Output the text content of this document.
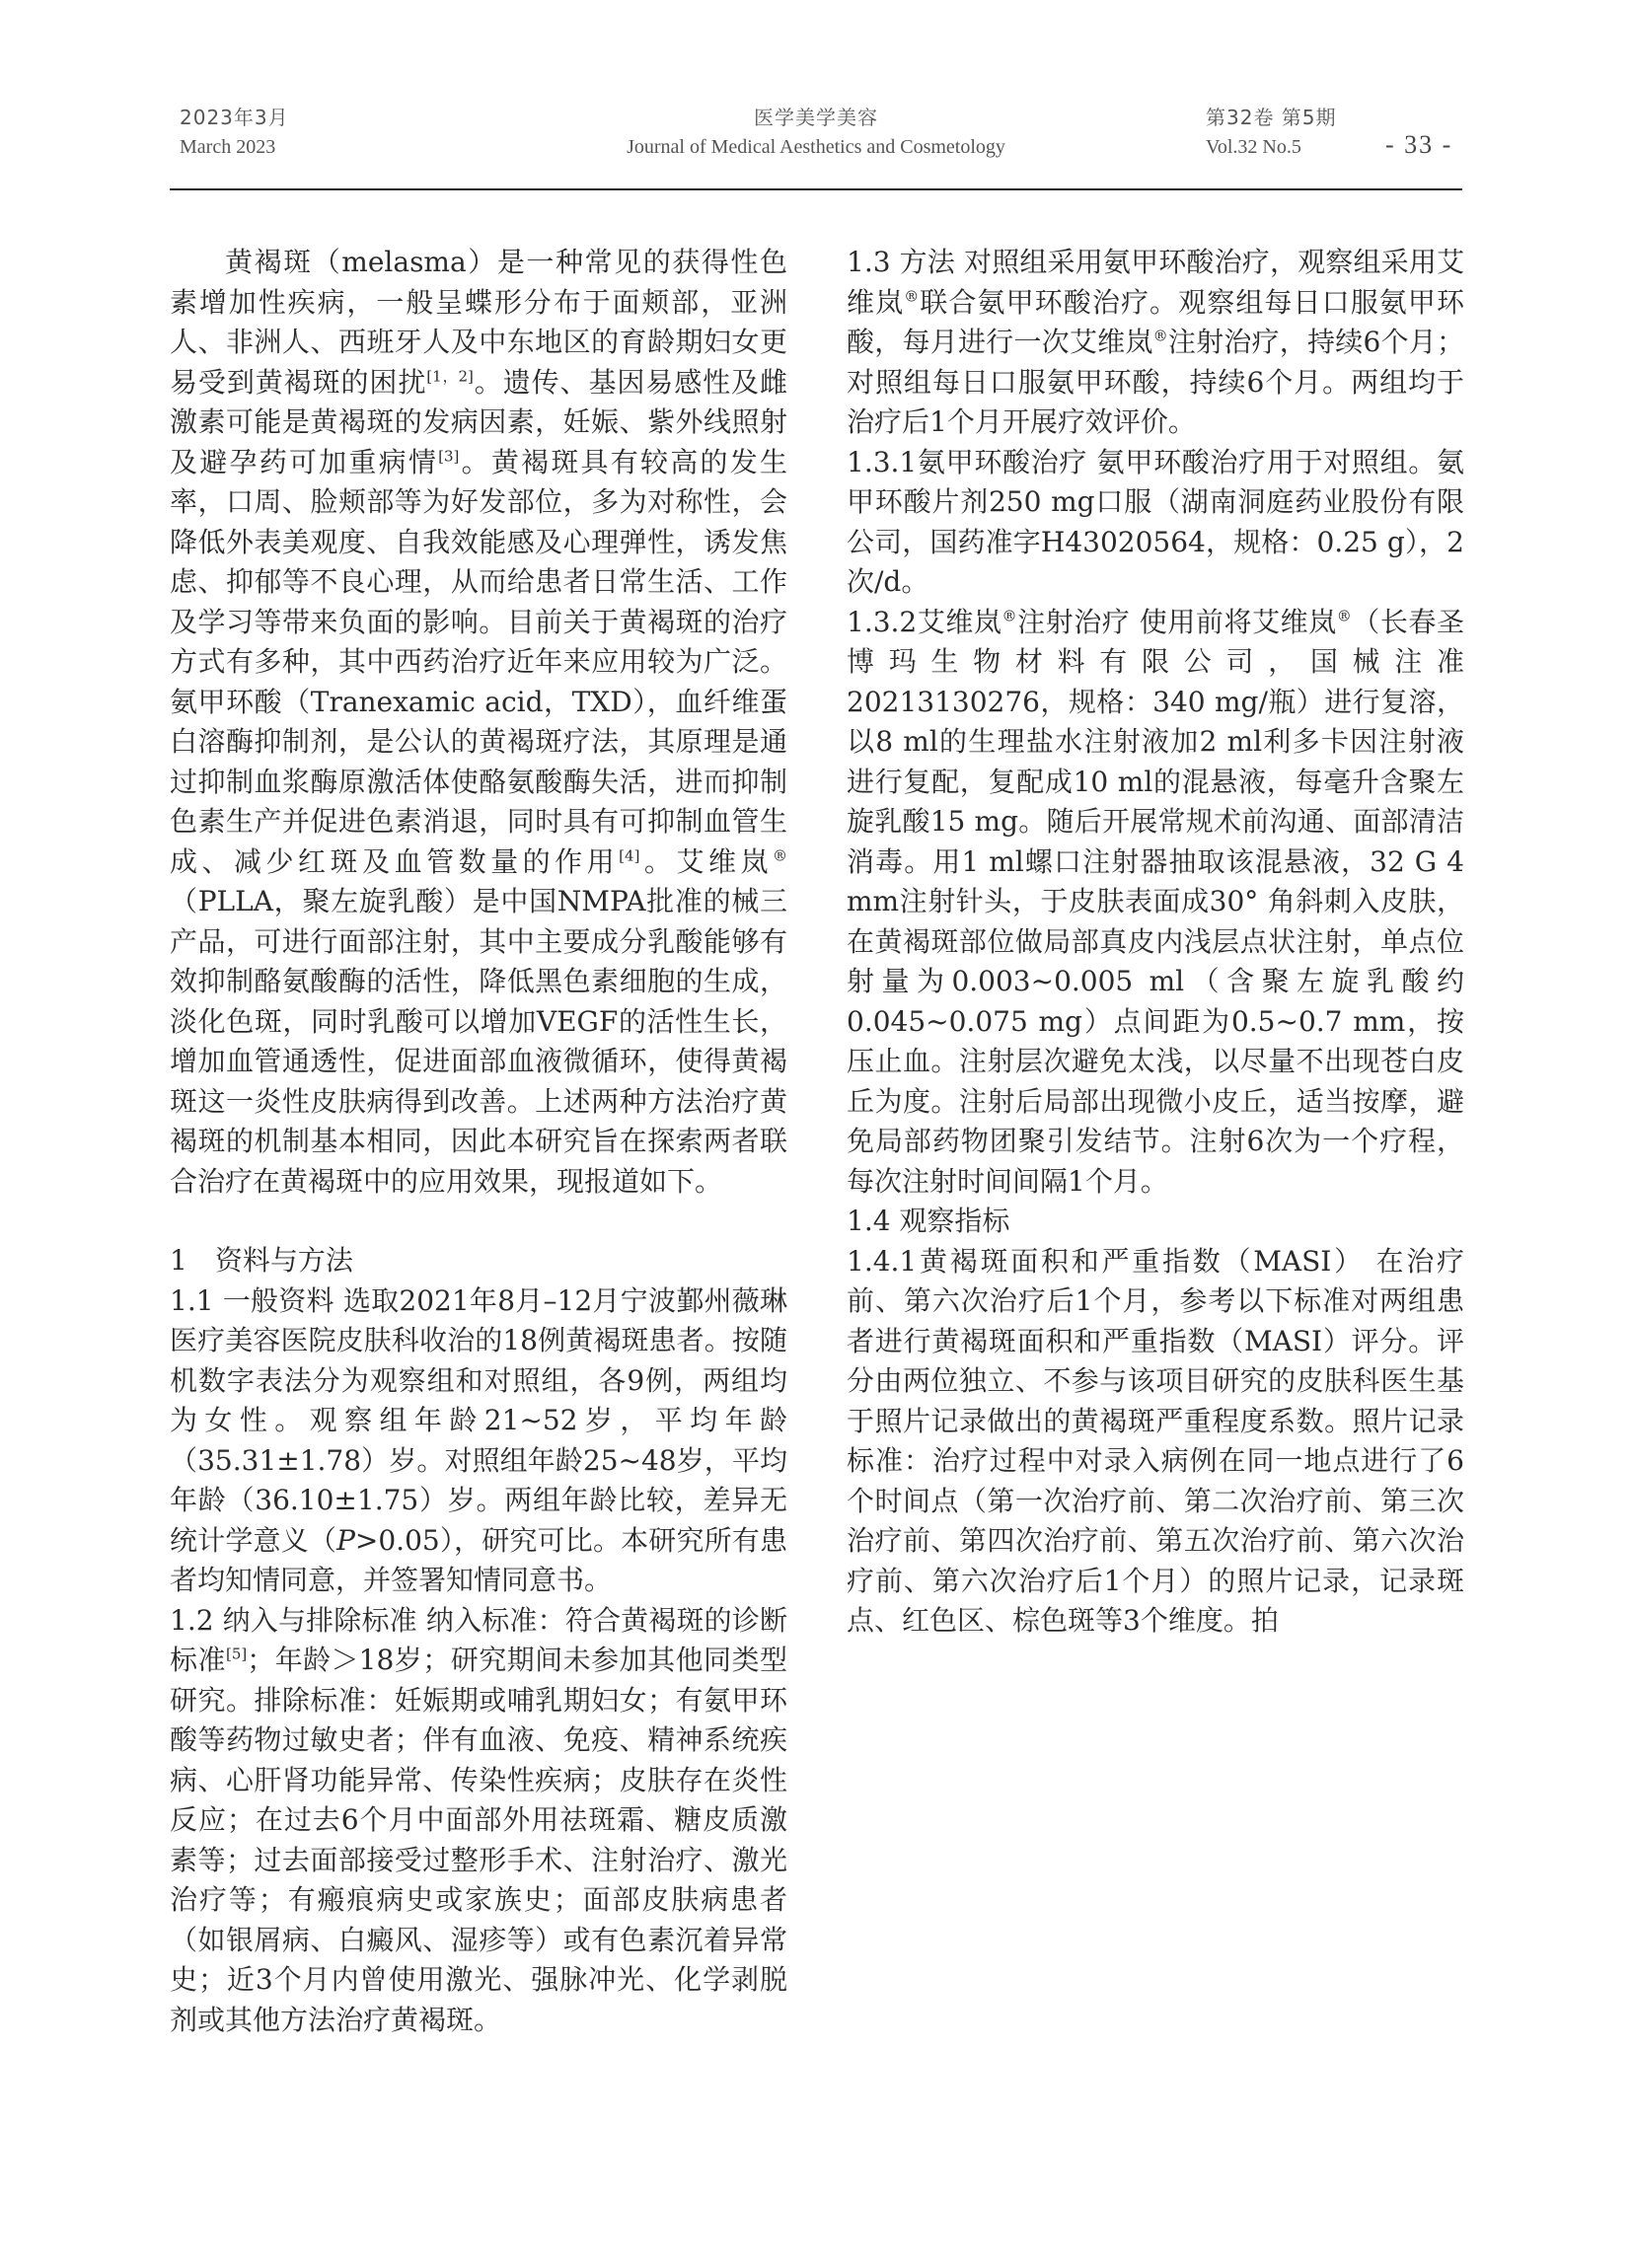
2023年3月
March 2023
医学美学美容
Journal of Medical Aesthetics and Cosmetology
第32卷 第5期
Vol.32 No.5	- 33 -

黄褐斑（melasma）是一种常见的获得性色素增加性疾病，一般呈蝶形分布于面颊部，亚洲人、非洲人、西班牙人及中东地区的育龄期妇女更易受到黄褐斑的困扰[1，2]。遗传、基因易感性及雌激素可能是黄褐斑的发病因素，妊娠、紫外线照射及避孕药可加重病情[3]。黄褐斑具有较高的发生率，口周、脸颊部等为好发部位，多为对称性，会降低外表美观度、自我效能感及心理弹性，诱发焦虑、抑郁等不良心理，从而给患者日常生活、工作及学习等带来负面的影响。目前关于黄褐斑的治疗方式有多种，其中西药治疗近年来应用较为广泛。氨甲环酸（Tranexamic acid，TXD），血纤维蛋白溶酶抑制剂，是公认的黄褐斑疗法，其原理是通过抑制血浆酶原激活体使酪氨酸酶失活，进而抑制色素生产并促进色素消退，同时具有可抑制血管生成、减少红斑及血管数量的作用[4]。艾维岚®（PLLA，聚左旋乳酸）是中国NMPA批准的械三产品，可进行面部注射，其中主要成分乳酸能够有效抑制酪氨酸酶的活性，降低黑色素细胞的生成，淡化色斑，同时乳酸可以增加VEGF的活性生长，增加血管通透性，促进面部血液微循环，使得黄褐斑这一炎性皮肤病得到改善。上述两种方法治疗黄褐斑的机制基本相同，因此本研究旨在探索两者联合治疗在黄褐斑中的应用效果，现报道如下。

1　资料与方法

1.1 一般资料 选取2021年8月–12月宁波鄞州薇琳医疗美容医院皮肤科收治的18例黄褐斑患者。按随机数字表法分为观察组和对照组，各9例，两组均为女性。观察组年龄21~52岁，平均年龄（35.31±1.78）岁。对照组年龄25~48岁，平均年龄（36.10±1.75）岁。两组年龄比较，差异无统计学意义（P>0.05），研究可比。本研究所有患者均知情同意，并签署知情同意书。

1.2 纳入与排除标准 纳入标准：符合黄褐斑的诊断标准[5]；年龄＞18岁；研究期间未参加其他同类型研究。排除标准：妊娠期或哺乳期妇女；有氨甲环酸等药物过敏史者；伴有血液、免疫、精神系统疾病、心肝肾功能异常、传染性疾病；皮肤存在炎性反应；在过去6个月中面部外用祛斑霜、糖皮质激素等；过去面部接受过整形手术、注射治疗、激光治疗等；有瘢痕病史或家族史；面部皮肤病患者（如银屑病、白癜风、湿疹等）或有色素沉着异常史；近3个月内曾使用激光、强脉冲光、化学剥脱剂或其他方法治疗黄褐斑。

1.3 方法 对照组采用氨甲环酸治疗，观察组采用艾维岚®联合氨甲环酸治疗。观察组每日口服氨甲环酸，每月进行一次艾维岚®注射治疗，持续6个月；对照组每日口服氨甲环酸，持续6个月。两组均于治疗后1个月开展疗效评价。

1.3.1氨甲环酸治疗 氨甲环酸治疗用于对照组。氨甲环酸片剂250 mg口服（湖南洞庭药业股份有限公司，国药准字H43020564，规格：0.25 g），2次/d。

1.3.2艾维岚®注射治疗 使用前将艾维岚®（长春圣博玛生物材料有限公司，国械注准20213130276，规格：340 mg/瓶）进行复溶，以8 ml的生理盐水注射液加2 ml利多卡因注射液进行复配，复配成10 ml的混悬液，每毫升含聚左旋乳酸15 mg。随后开展常规术前沟通、面部清洁消毒。用1 ml螺口注射器抽取该混悬液，32 G 4 mm注射针头，于皮肤表面成30° 角斜刺入皮肤，在黄褐斑部位做局部真皮内浅层点状注射，单点位射量为0.003~0.005 ml（含聚左旋乳酸约0.045~0.075 mg）点间距为0.5~0.7 mm，按压止血。注射层次避免太浅，以尽量不出现苍白皮丘为度。注射后局部出现微小皮丘，适当按摩，避免局部药物团聚引发结节。注射6次为一个疗程，每次注射时间间隔1个月。

1.4 观察指标

1.4.1黄褐斑面积和严重指数（MASI） 在治疗前、第六次治疗后1个月，参考以下标准对两组患者进行黄褐斑面积和严重指数（MASI）评分。评分由两位独立、不参与该项目研究的皮肤科医生基于照片记录做出的黄褐斑严重程度系数。照片记录标准：治疗过程中对录入病例在同一地点进行了6个时间点（第一次治疗前、第二次治疗前、第三次治疗前、第四次治疗前、第五次治疗前、第六次治疗前、第六次治疗后1个月）的照片记录，记录斑点、红色区、棕色斑等3个维度。拍
